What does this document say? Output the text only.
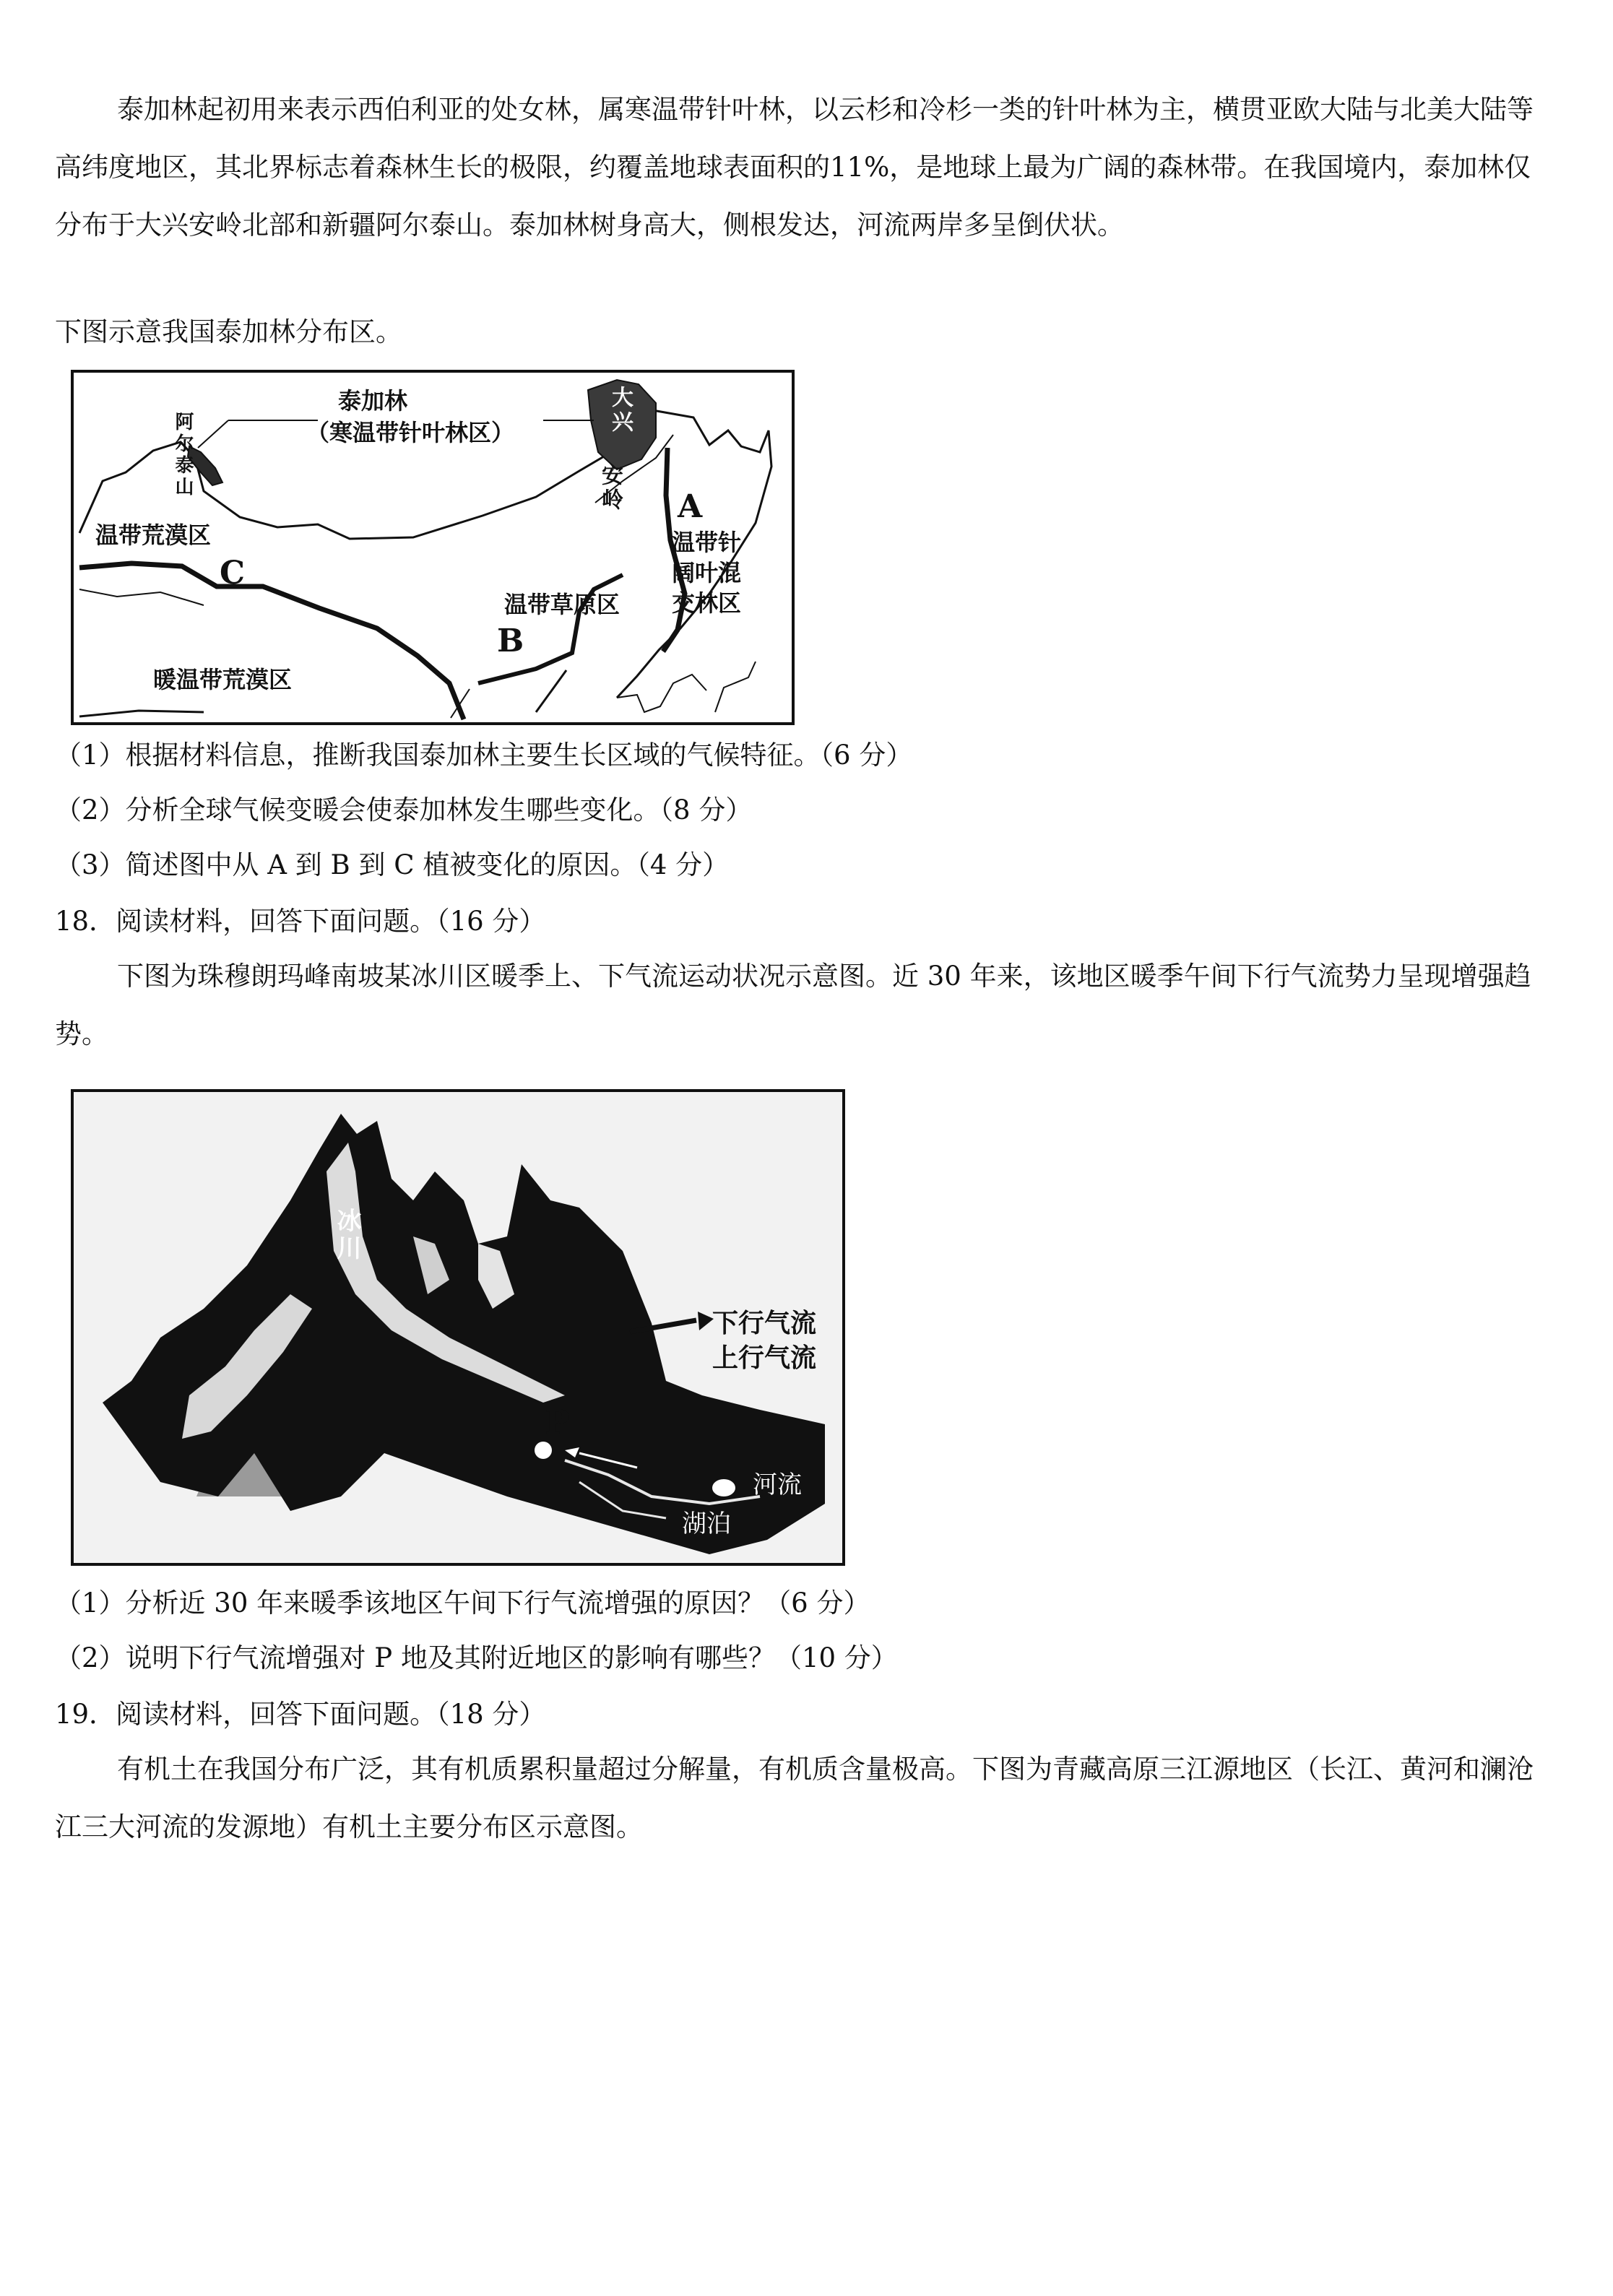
泰加林起初用来表示西伯利亚的处女林，属寒温带针叶林，以云杉和冷杉一类的针叶林为主，横贯亚欧大陆与北美大陆等高纬度地区，其北界标志着森林生长的极限，约覆盖地球表面积的11%，是地球上最为广阔的森林带。在我国境内，泰加林仅分布于大兴安岭北部和新疆阿尔泰山。泰加林树身高大，侧根发达，河流两岸多呈倒伏状。

下图示意我国泰加林分布区。

泰加林
（寒温带针叶林区）
阿尔泰山
大兴
安岭 A
温带针阔叶混交林区
温带荒漠区
C
温带草原区
B
暖温带荒漠区

（1）根据材料信息，推断我国泰加林主要生长区域的气候特征。（6 分）

（2）分析全球气候变暖会使泰加林发生哪些变化。（8 分）

（3）简述图中从 A 到 B 到 C 植被变化的原因。（4 分）

18．阅读材料，回答下面问题。（16 分）

下图为珠穆朗玛峰南坡某冰川区暖季上、下气流运动状况示意图。近 30 年来，该地区暖季午间下行气流势力呈现增强趋势。

冰川
P
下行气流
上行气流
河流
湖泊

（1）分析近 30 年来暖季该地区午间下行气流增强的原因？（6 分）

（2）说明下行气流增强对 P 地及其附近地区的影响有哪些？（10 分）

19．阅读材料，回答下面问题。（18 分）

有机土在我国分布广泛，其有机质累积量超过分解量，有机质含量极高。下图为青藏高原三江源地区（长江、黄河和澜沧江三大河流的发源地）有机土主要分布区示意图。
